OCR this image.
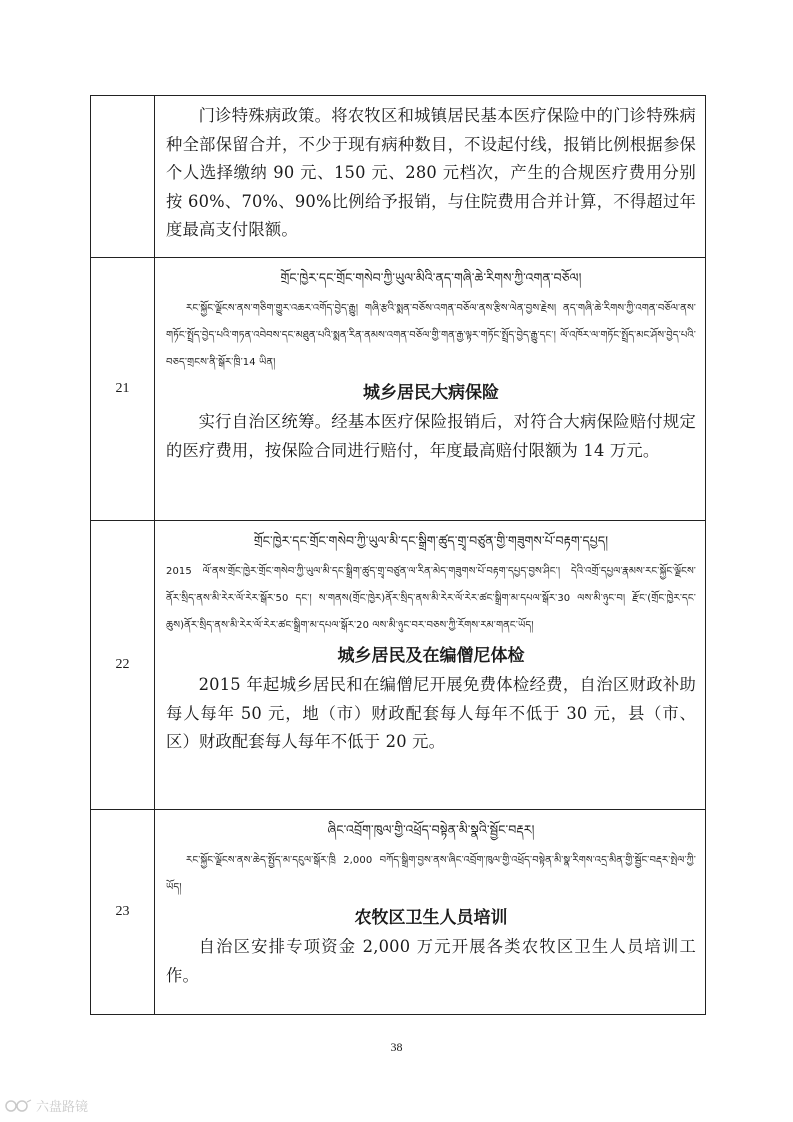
	门诊特殊病政策。将农牧区和城镇居民基本医疗保险中的门诊特殊病种全部保留合并，不少于现有病种数目，不设起付线，报销比例根据参保个人选择缴纳 90 元、150 元、280 元档次，产生的合规医疗费用分别按 60%、70%、90%比例给予报销，与住院费用合并计算，不得超过年度最高支付限额。

21	གྲོང་ཁྱེར་དང་གྲོང་གསེབ་ཀྱི་ཡུལ་མིའི་ནད་གཞི་ཆེ་རིགས་ཀྱི་འགན་བཅོལ།

རང་སྐྱོང་ལྗོངས་ནས་གཅིག་གྱུར་འཆར་འགོད་བྱེད་རྒྱུ། གཞི་རྩའི་སྨན་བཅོས་འགན་བཅོལ་ནས་རྩིས་ལེན་བྱས་རྗེས། ནད་གཞི་ཆེ་རིགས་ཀྱི་འགན་བཅོལ་ནས་གཏོང་སྤྲོད་བྱེད་པའི་གཏན་འབེབས་དང་མཐུན་པའི་སྨན་རིན་ནམས་འགན་བཅོལ་གྱི་གན་རྒྱ་ལྟར་གཏོང་སྤྲོད་བྱེད་རྒྱུ་དང་། ལོ་འཁོར་ལ་གཏོང་སྤྲོད་མང་ཤོས་བྱེད་པའི་བཅད་གྲངས་ནི་སྒོར་ཁྲི་14 ཡིན།

城乡居民大病保险

实行自治区统筹。经基本医疗保险报销后，对符合大病保险赔付规定的医疗费用，按保险合同进行赔付，年度最高赔付限额为 14 万元。

22	གྲོང་ཁྱེར་དང་གྲོང་གསེབ་ཀྱི་ཡུལ་མི་དང་སྒྲིག་ཚུད་གྲྭ་བཙུན་གྱི་གཟུགས་པོ་བརྟག་དཔྱད།

2015 ལོ་ནས་གྲོང་ཁྱེར་གྲོང་གསེབ་ཀྱི་ཡུལ་མི་དང་སྒྲིག་ཚུད་གྲྭ་བཙུན་ལ་རིན་མེད་གཟུགས་པོ་བརྟག་དཔྱད་བྱས་ཤིང་། དེའི་འགྲོ་དཔྱལ་རྣམས་རང་སྐྱོང་ལྗོངས་ནོར་སྲིད་ནས་མི་རེར་ལོ་རེར་སྒོར་50 དང་། ས་གནས(གྲོང་ཁྱེར)ནོར་སྲིད་ནས་མི་རེར་ལོ་རེར་ཚང་སྒྲིག་མ་དཔལ་སྒོར་30 ལས་མི་ཉུང་བ། རྫོང་(གྲོང་ཁྱེར་དང་ཆུས)ནོར་སྲིད་ནས་མི་རེར་ལོ་རེར་ཚང་སྒྲིག་མ་དཔལ་སྒོར་20 ལས་མི་ཉུང་བར་བཅས་ཀྱི་རོགས་རམ་གནང་ཡོད།

城乡居民及在编僧尼体检

2015 年起城乡居民和在编僧尼开展免费体检经费，自治区财政补助每人每年 50 元，地（市）财政配套每人每年不低于 30 元，县（市、区）财政配套每人每年不低于 20 元。

23	ཞིང་འབྲོག་ཁུལ་གྱི་འཕྲོད་བསྟེན་མི་སྣའི་སྦྱོང་བརྡར།

རང་སྐྱོང་ལྗོངས་ནས་ཆེད་སྤྱོད་མ་དངུལ་སྒོར་ཁྲི 2,000 བཀོད་སྒྲིག་བྱས་ནས་ཞིང་འབྲོག་ཁུལ་གྱི་འཕྲོད་བསྟེན་མི་སྣ་རིགས་འདྲ་མིན་གྱི་སྦྱོང་བརྡར་སྤེལ་ཀྱི་ཡོད།

农牧区卫生人员培训

自治区安排专项资金 2,000 万元开展各类农牧区卫生人员培训工作。

38
六盘路镜
